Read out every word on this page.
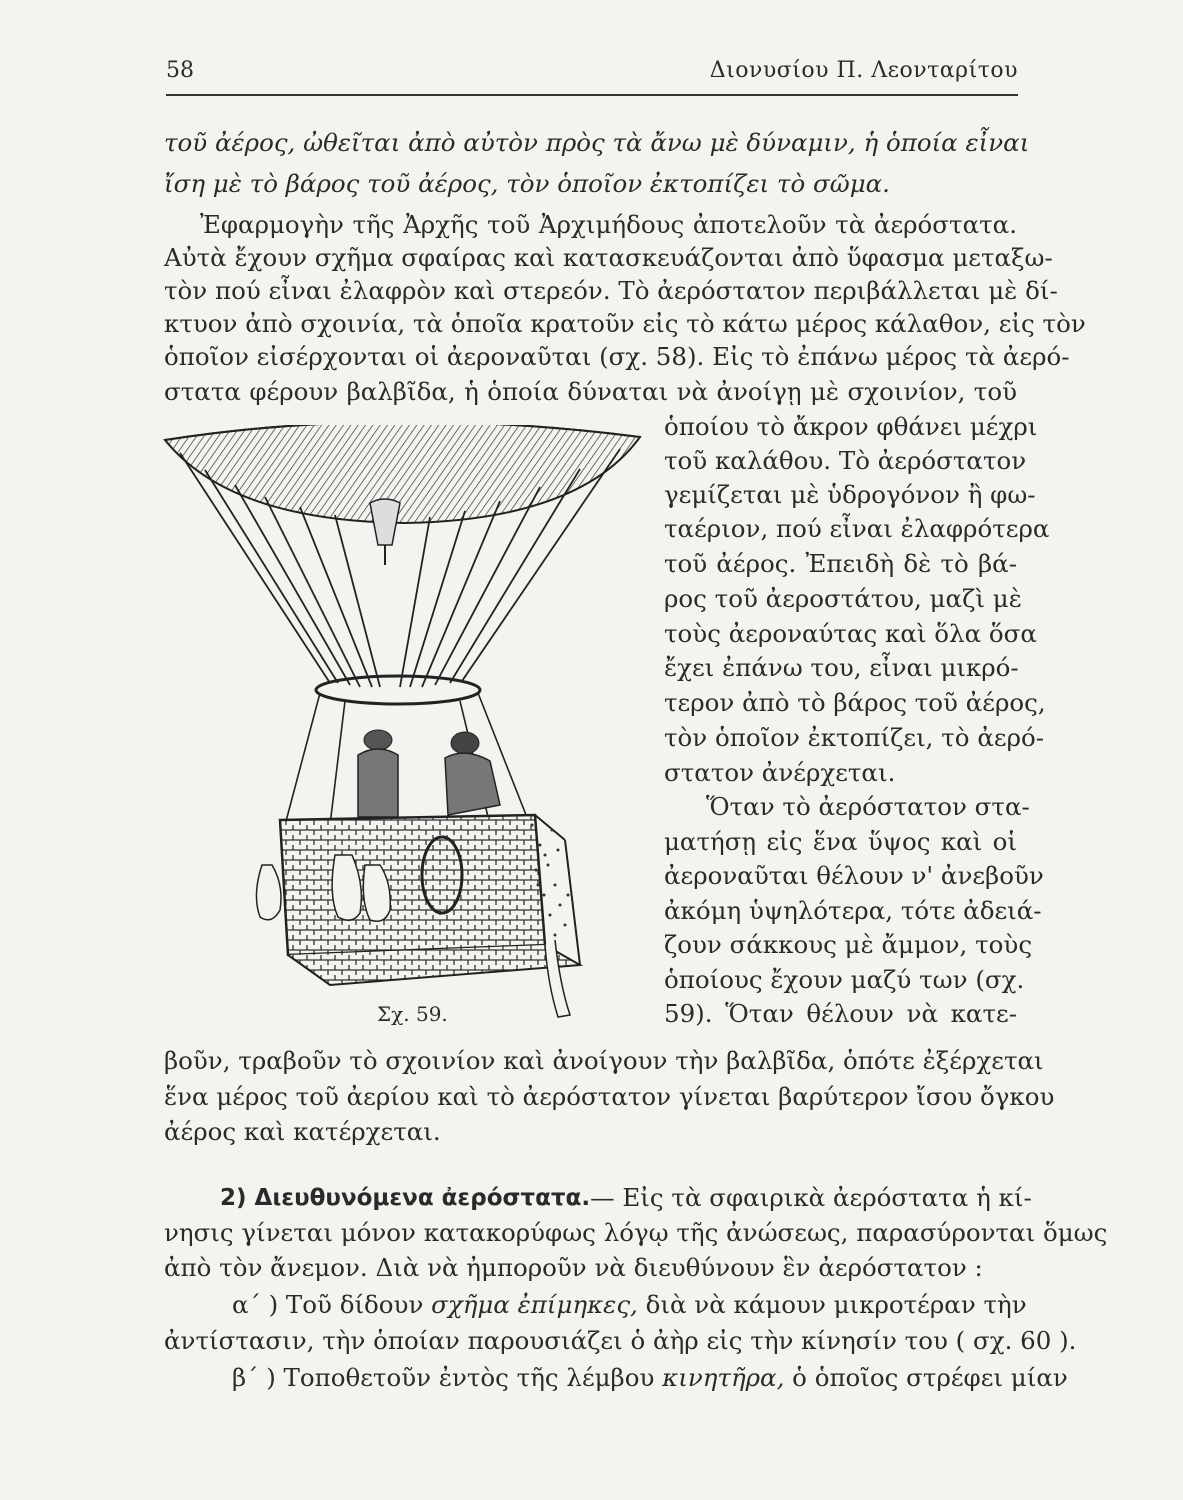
58	Διονυσίου Π. Λεονταρίτου
τοῦ ἀέρος, ὠθεῖται ἀπὸ αὐτὸν πρὸς τὰ ἄνω μὲ δύναμιν, ἡ ὁποία εἶναι
ἴση μὲ τὸ βάρος τοῦ ἀέρος, τὸν ὁποῖον ἐκτοπίζει τὸ σῶμα.
Ἐφαρμογὴν τῆς Ἀρχῆς τοῦ Ἀρχιμήδους ἀποτελοῦν τὰ ἀερόστατα.
Αὐτὰ ἔχουν σχῆμα σφαίρας καὶ κατασκευάζονται ἀπὸ ὕφασμα μεταξω-
τὸν πού εἶναι ἐλαφρὸν καὶ στερεόν. Τὸ ἀερόστατον περιβάλλεται μὲ δί-
κτυον ἀπὸ σχοινία, τὰ ὁποῖα κρατοῦν εἰς τὸ κάτω μέρος κάλαθον, εἰς τὸν
ὁποῖον εἰσέρχονται οἱ ἀεροναῦται (σχ. 58). Εἰς τὸ ἐπάνω μέρος τὰ ἀερό-
στατα φέρουν βαλβῖδα, ἡ ὁποία δύναται νὰ ἀνοίγῃ μὲ σχοινίον, τοῦ
ὁποίου τὸ ἄκρον φθάνει μέχρι
τοῦ καλάθου. Τὸ ἀερόστατον
γεμίζεται μὲ ὑδρογόνον ἢ φω-
ταέριον, πού εἶναι ἐλαφρότερα
τοῦ ἀέρος. Ἐπειδὴ δὲ τὸ βά-
ρος τοῦ ἀεροστάτου, μαζὶ μὲ
τοὺς ἀεροναύτας καὶ ὅλα ὅσα
ἔχει ἐπάνω του, εἶναι μικρό-
τερον ἀπὸ τὸ βάρος τοῦ ἀέρος,
τὸν ὁποῖον ἐκτοπίζει, τὸ ἀερό-
στατον ἀνέρχεται.
Ὅταν τὸ ἀερόστατον στα-
ματήσῃ εἰς ἕνα ὕψος καὶ οἱ
ἀεροναῦται θέλουν ν' ἀνεβοῦν
ἀκόμη ὑψηλότερα, τότε ἀδειά-
ζουν σάκκους μὲ ἄμμον, τοὺς
ὁποίους ἔχουν μαζύ των (σχ.
59). Ὅταν θέλουν νὰ κατε-
βοῦν, τραβοῦν τὸ σχοινίον καὶ ἀνοίγουν τὴν βαλβῖδα, ὁπότε ἐξέρχεται
ἕνα μέρος τοῦ ἀερίου καὶ τὸ ἀερόστατον γίνεται βαρύτερον ἴσου ὄγκου
ἀέρος καὶ κατέρχεται.
2) Διευθυνόμενα ἀερόστατα. — Εἰς τὰ σφαιρικὰ ἀερόστατα ἡ κί-
νησις γίνεται μόνον κατακορύφως λόγῳ τῆς ἀνώσεως, παρασύρονται ὅμως
ἀπὸ τὸν ἄνεμον. Διὰ νὰ ἠμποροῦν νὰ διευθύνουν ἓν ἀερόστατον :
α΄ ) Τοῦ δίδουν σχῆμα ἐπίμηκες, διὰ νὰ κάμουν μικροτέραν τὴν
ἀντίστασιν, τὴν ὁποίαν παρουσιάζει ὁ ἀὴρ εἰς τὴν κίνησίν του ( σχ. 60 ).
β΄ ) Τοποθετοῦν ἐντὸς τῆς λέμβου κινητῆρα, ὁ ὁποῖος στρέφει μίαν
Σχ. 59.
